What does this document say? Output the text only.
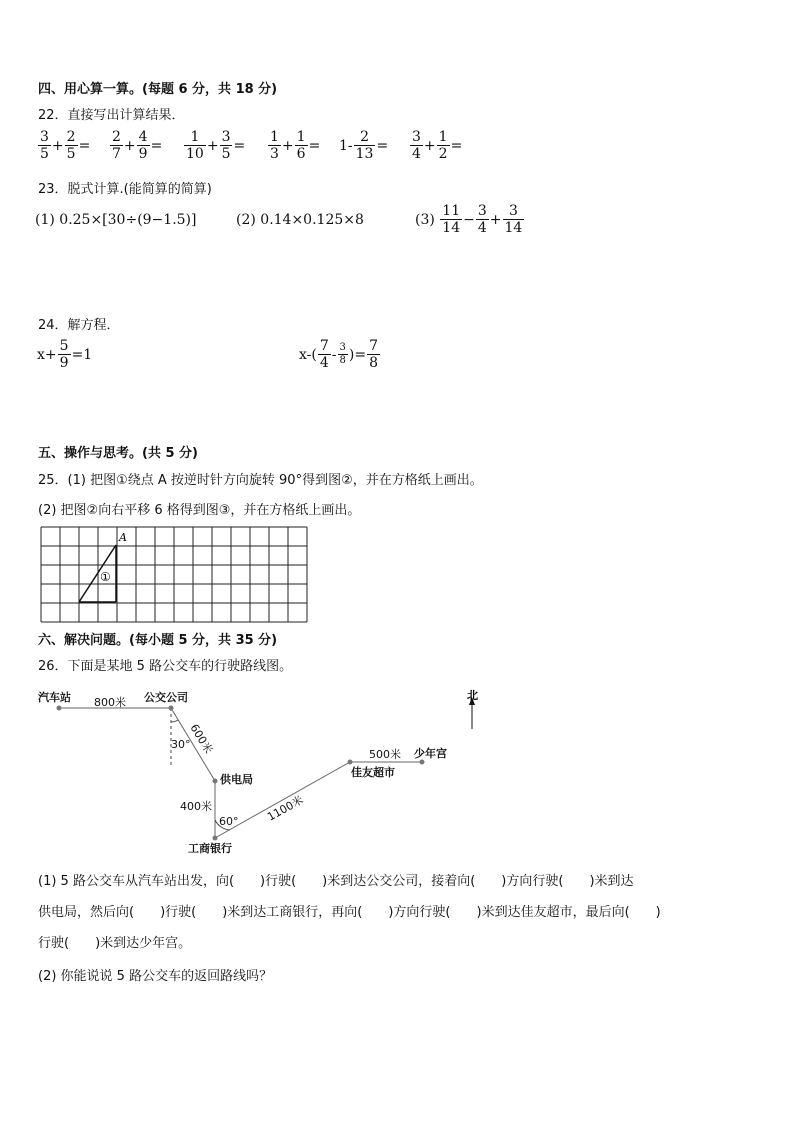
四、用心算一算。(每题 6 分，共 18 分)
22．直接写出计算结果．
$\frac{3}{5} + \frac{2}{5} = \frac{2}{7} + \frac{4}{9} = \frac{1}{10} + \frac{3}{5} = \frac{1}{3} + \frac{1}{6} = 1- \frac{2}{13} = \frac{3}{4} + \frac{1}{2}$ =
23．脱式计算.(能简算的简算)
(1) 0.25×[30÷(9−1.5)]	(2) 0.14×0.125×8	$(3) \frac{11}{14} - \frac{3}{4} + \frac{3}{14}$
24．解方程．
$x+ \frac{5}{9} =1$	$x-( \frac{7}{4} - \frac{3}{8}$ )= $\frac{7}{8}$
五、操作与思考。(共 5 分)
25．(1) 把图①绕点 A 按逆时针方向旋转 90°得到图②，并在方格纸上画出。
(2) 把图②向右平移 6 格得到图③，并在方格纸上画出。
A
①
六、解决问题。(每小题 5 分，共 35 分)
26．下面是某地 5 路公交车的行驶路线图。
北
汽车站	公交公司
供电局
工商银行
佳友超市
少年宫
800米
600米
400米	1100米
500米
30°
60°
(1) 5 路公交车从汽车站出发，向(　　)行驶(　　)米到达公交公司，接着向(　　)方向行驶(　　)米到达
供电局，然后向(　　)行驶(　　)米到达工商银行，再向(　　)方向行驶(　　)米到达佳友超市，最后向(　　)
行驶(　　)米到达少年宫。
(2) 你能说说 5 路公交车的返回路线吗？
